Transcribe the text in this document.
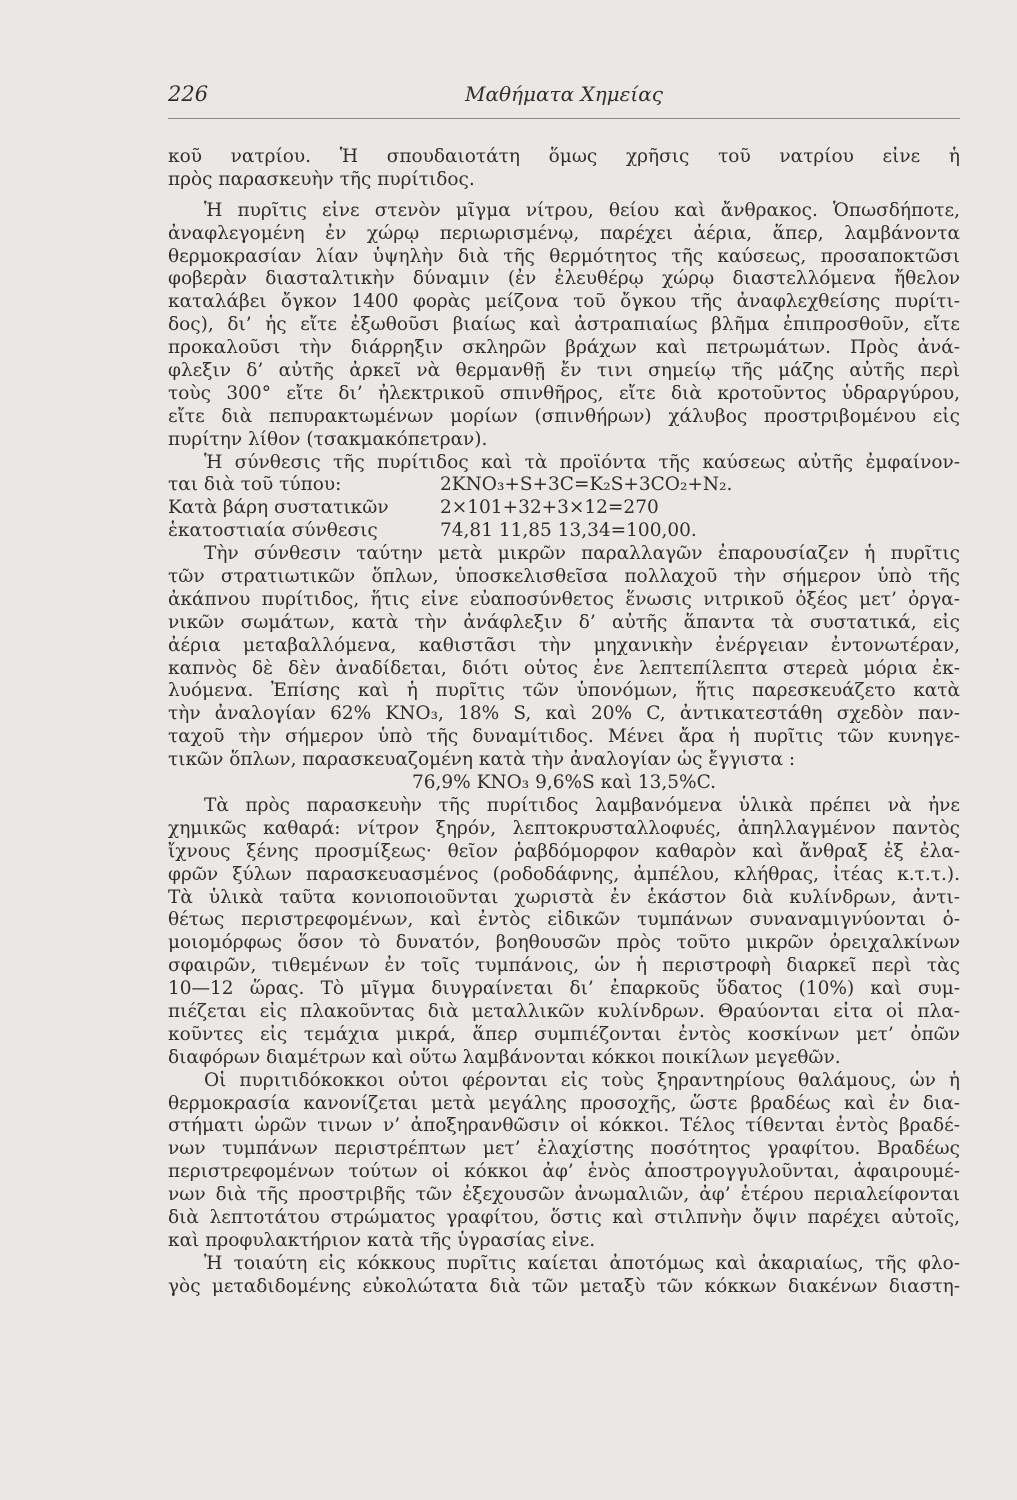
226	Μαθήματα Χημείας
κοῦ νατρίου. Ἡ σπουδαιοτάτη ὅμως χρῆσις τοῦ νατρίου εἶνε ἡ
πρὸς παρασκευὴν τῆς πυρίτιδος.
Ἡ πυρῖτις εἶνε στενὸν μῖγμα νίτρου, θείου καὶ ἄνθρακος. Ὁπωσδήποτε,
ἀναφλεγομένη ἐν χώρῳ περιωρισμένῳ, παρέχει ἀέρια, ἅπερ, λαμβάνοντα
θερμοκρασίαν λίαν ὑψηλὴν διὰ τῆς θερμότητος τῆς καύσεως, προσαποκτῶσι
φοβερὰν διασταλτικὴν δύναμιν (ἐν ἐλευθέρῳ χώρῳ διαστελλόμενα ἤθελον
καταλάβει ὄγκον 1400 φορὰς μείζονα τοῦ ὄγκου τῆς ἀναφλεχθείσης πυρίτι-
δος), δι’ ἧς εἴτε ἐξωθοῦσι βιαίως καὶ ἀστραπιαίως βλῆμα ἐπιπροσθοῦν, εἴτε
προκαλοῦσι τὴν διάρρηξιν σκληρῶν βράχων καὶ πετρωμάτων. Πρὸς ἀνά-
φλεξιν δ’ αὐτῆς ἀρκεῖ νὰ θερμανθῇ ἔν τινι σημείῳ τῆς μάζης αὐτῆς περὶ
τοὺς 300° εἴτε δι’ ἠλεκτρικοῦ σπινθῆρος, εἴτε διὰ κροτοῦντος ὑδραργύρου,
εἴτε διὰ πεπυρακτωμένων μορίων (σπινθήρων) χάλυβος προστριβομένου εἰς
πυρίτην λίθον (τσακμακόπετραν).
Ἡ σύνθεσις τῆς πυρίτιδος καὶ τὰ προϊόντα τῆς καύσεως αὐτῆς ἐμφαίνον-
ται διὰ τοῦ τύπου:	2KNO₃+S+3C=K₂S+3CO₂+N₂.
Κατὰ βάρη συστατικῶν	2×101+32+3×12=270
ἑκατοστιαία σύνθεσις	74,81 11,85 13,34=100,00.
Τὴν σύνθεσιν ταύτην μετὰ μικρῶν παραλλαγῶν ἐπαρουσίαζεν ἡ πυρῖτις
τῶν στρατιωτικῶν ὅπλων, ὑποσκελισθεῖσα πολλαχοῦ τὴν σήμερον ὑπὸ τῆς
ἀκάπνου πυρίτιδος, ἥτις εἶνε εὐαποσύνθετος ἕνωσις νιτρικοῦ ὀξέος μετ’ ὀργα-
νικῶν σωμάτων, κατὰ τὴν ἀνάφλεξιν δ’ αὐτῆς ἅπαντα τὰ συστατικά, εἰς
ἀέρια μεταβαλλόμενα, καθιστᾶσι τὴν μηχανικὴν ἐνέργειαν ἐντονωτέραν,
καπνὸς δὲ δὲν ἀναδίδεται, διότι οὗτος ἐνε λεπτεπίλεπτα στερεὰ μόρια ἐκ-
λυόμενα. Ἐπίσης καὶ ἡ πυρῖτις τῶν ὑπονόμων, ἥτις παρεσκευάζετο κατὰ
τὴν ἀναλογίαν 62% KNO₃, 18% S, καὶ 20% C, ἀντικατεστάθη σχεδὸν παν-
ταχοῦ τὴν σήμερον ὑπὸ τῆς δυναμίτιδος. Μένει ἄρα ἡ πυρῖτις τῶν κυνηγε-
τικῶν ὅπλων, παρασκευαζομένη κατὰ τὴν ἀναλογίαν ὡς ἔγγιστα :
76,9% KNO₃ 9,6%S καὶ 13,5%C.
Τὰ πρὸς παρασκευὴν τῆς πυρίτιδος λαμβανόμενα ὑλικὰ πρέπει νὰ ἦνε
χημικῶς καθαρά: νίτρον ξηρόν, λεπτοκρυσταλλοφυές, ἀπηλλαγμένον παντὸς
ἴχνους ξένης προσμίξεως· θεῖον ῥαβδόμορφον καθαρὸν καὶ ἄνθραξ ἐξ ἐλα-
φρῶν ξύλων παρασκευασμένος (ροδοδάφνης, ἀμπέλου, κλήθρας, ἰτέας κ.τ.τ.).
Τὰ ὑλικὰ ταῦτα κονιοποιοῦνται χωριστὰ ἐν ἑκάστον διὰ κυλίνδρων, ἀντι-
θέτως περιστρεφομένων, καὶ ἐντὸς εἰδικῶν τυμπάνων συναναμιγνύονται ὁ-
μοιομόρφως ὅσον τὸ δυνατόν, βοηθουσῶν πρὸς τοῦτο μικρῶν ὀρειχαλκίνων
σφαιρῶν, τιθεμένων ἐν τοῖς τυμπάνοις, ὧν ἡ περιστροφὴ διαρκεῖ περὶ τὰς
10—12 ὥρας. Τὸ μῖγμα διυγραίνεται δι’ ἐπαρκοῦς ὕδατος (10%) καὶ συμ-
πιέζεται εἰς πλακοῦντας διὰ μεταλλικῶν κυλίνδρων. Θραύονται εἶτα οἱ πλα-
κοῦντες εἰς τεμάχια μικρά, ἅπερ συμπιέζονται ἐντὸς κοσκίνων μετ’ ὀπῶν
διαφόρων διαμέτρων καὶ οὕτω λαμβάνονται κόκκοι ποικίλων μεγεθῶν.
Οἱ πυριτιδόκοκκοι οὗτοι φέρονται εἰς τοὺς ξηραντηρίους θαλάμους, ὧν ἡ
θερμοκρασία κανονίζεται μετὰ μεγάλης προσοχῆς, ὥστε βραδέως καὶ ἐν δια-
στήματι ὡρῶν τινων ν’ ἀποξηρανθῶσιν οἱ κόκκοι. Τέλος τίθενται ἐντὸς βραδέ-
νων τυμπάνων περιστρέπτων μετ’ ἐλαχίστης ποσότητος γραφίτου. Βραδέως
περιστρεφομένων τούτων οἱ κόκκοι ἀφ’ ἑνὸς ἀποστρογγυλοῦνται, ἀφαιρουμέ-
νων διὰ τῆς προστριβῆς τῶν ἐξεχουσῶν ἀνωμαλιῶν, ἀφ’ ἑτέρου περιαλείφονται
διὰ λεπτοτάτου στρώματος γραφίτου, ὅστις καὶ στιλπνὴν ὄψιν παρέχει αὐτοῖς,
καὶ προφυλακτήριον κατὰ τῆς ὑγρασίας εἶνε.
Ἡ τοιαύτη εἰς κόκκους πυρῖτις καίεται ἀποτόμως καὶ ἀκαριαίως, τῆς φλο-
γὸς μεταδιδομένης εὐκολώτατα διὰ τῶν μεταξὺ τῶν κόκκων διακένων διαστη-
